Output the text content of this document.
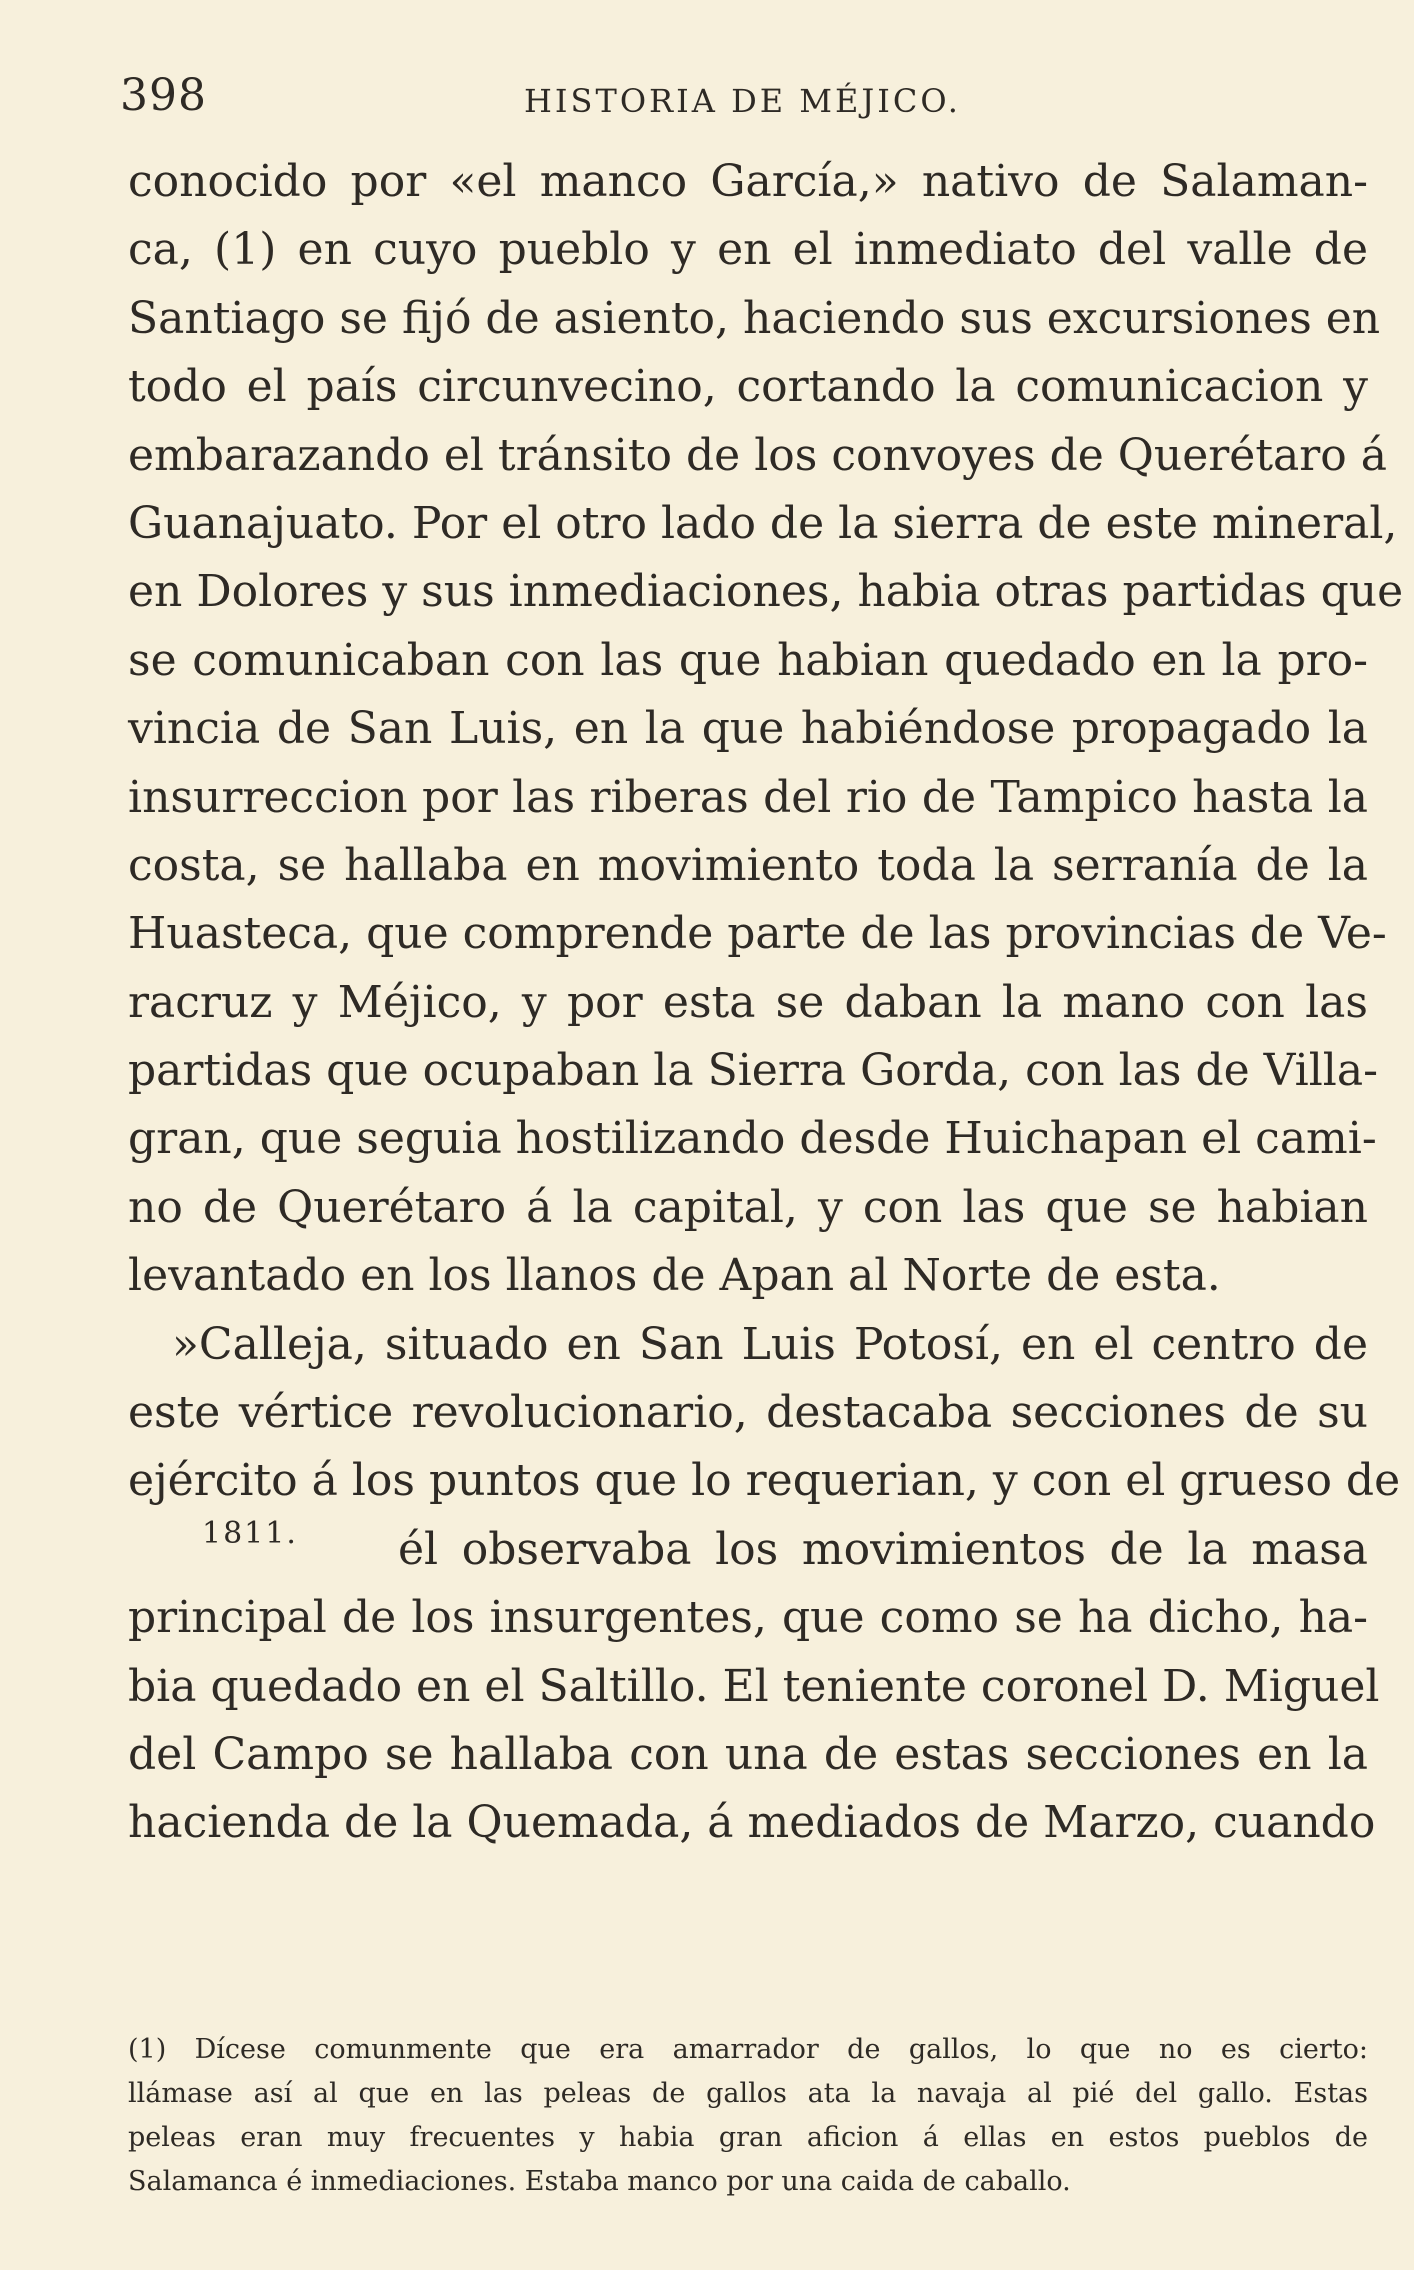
398	HISTORIA DE MÉJICO.
conocido por «el manco García,» nativo de Salaman-
ca, (1) en cuyo pueblo y en el inmediato del valle de
Santiago se fijó de asiento, haciendo sus excursiones en
todo el país circunvecino, cortando la comunicacion y
embarazando el tránsito de los convoyes de Querétaro á
Guanajuato. Por el otro lado de la sierra de este mineral,
en Dolores y sus inmediaciones, habia otras partidas que
se comunicaban con las que habian quedado en la pro-
vincia de San Luis, en la que habiéndose propagado la
insurreccion por las riberas del rio de Tampico hasta la
costa, se hallaba en movimiento toda la serranía de la
Huasteca, que comprende parte de las provincias de Ve-
racruz y Méjico, y por esta se daban la mano con las
partidas que ocupaban la Sierra Gorda, con las de Villa-
gran, que seguia hostilizando desde Huichapan el cami-
no de Querétaro á la capital, y con las que se habian
levantado en los llanos de Apan al Norte de esta.
»Calleja, situado en San Luis Potosí, en el centro de
este vértice revolucionario, destacaba secciones de su
ejército á los puntos que lo requerian, y con el grueso de
1811.	él observaba los movimientos de la masa
principal de los insurgentes, que como se ha dicho, ha-
bia quedado en el Saltillo. El teniente coronel D. Miguel
del Campo se hallaba con una de estas secciones en la
hacienda de la Quemada, á mediados de Marzo, cuando
(1) Dícese comunmente que era amarrador de gallos, lo que no es cierto:
llámase así al que en las peleas de gallos ata la navaja al pié del gallo. Estas
peleas eran muy frecuentes y habia gran aficion á ellas en estos pueblos de
Salamanca é inmediaciones. Estaba manco por una caida de caballo.
